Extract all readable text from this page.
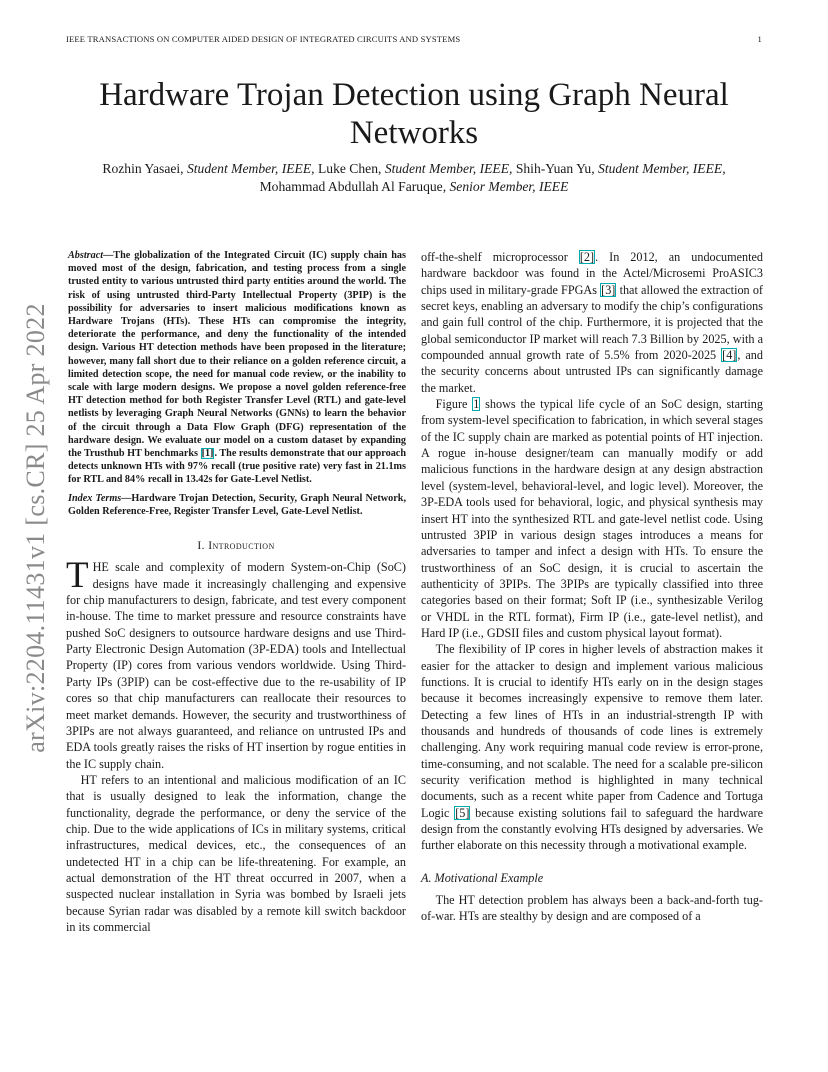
IEEE TRANSACTIONS ON COMPUTER AIDED DESIGN OF INTEGRATED CIRCUITS AND SYSTEMS	1
arXiv:2204.11431v1 [cs.CR] 25 Apr 2022
Hardware Trojan Detection using Graph Neural Networks
Rozhin Yasaei, Student Member, IEEE, Luke Chen, Student Member, IEEE, Shih-Yuan Yu, Student Member, IEEE, Mohammad Abdullah Al Faruque, Senior Member, IEEE
Abstract—The globalization of the Integrated Circuit (IC) supply chain has moved most of the design, fabrication, and testing process from a single trusted entity to various untrusted third party entities around the world. The risk of using untrusted third-Party Intellectual Property (3PIP) is the possibility for adversaries to insert malicious modifications known as Hardware Trojans (HTs). These HTs can compromise the integrity, deteriorate the performance, and deny the functionality of the intended design. Various HT detection methods have been proposed in the literature; however, many fall short due to their reliance on a golden reference circuit, a limited detection scope, the need for manual code review, or the inability to scale with large modern designs. We propose a novel golden reference-free HT detection method for both Register Transfer Level (RTL) and gate-level netlists by leveraging Graph Neural Networks (GNNs) to learn the behavior of the circuit through a Data Flow Graph (DFG) representation of the hardware design. We evaluate our model on a custom dataset by expanding the Trusthub HT benchmarks [1]. The results demonstrate that our approach detects unknown HTs with 97% recall (true positive rate) very fast in 21.1ms for RTL and 84% recall in 13.42s for Gate-Level Netlist.
Index Terms—Hardware Trojan Detection, Security, Graph Neural Network, Golden Reference-Free, Register Transfer Level, Gate-Level Netlist.
I. Introduction

THE scale and complexity of modern System-on-Chip (SoC) designs have made it increasingly challenging and expensive for chip manufacturers to design, fabricate, and test every component in-house. The time to market pressure and resource constraints have pushed SoC designers to outsource hardware designs and use Third-Party Electronic Design Automation (3P-EDA) tools and Intellectual Property (IP) cores from various vendors worldwide. Using Third-Party IPs (3PIP) can be cost-effective due to the re-usability of IP cores so that chip manufacturers can reallocate their resources to meet market demands. However, the security and trustworthiness of 3PIPs are not always guaranteed, and reliance on untrusted IPs and EDA tools greatly raises the risks of HT insertion by rogue entities in the IC supply chain.

HT refers to an intentional and malicious modification of an IC that is usually designed to leak the information, change the functionality, degrade the performance, or deny the service of the chip. Due to the wide applications of ICs in military systems, critical infrastructures, medical devices, etc., the consequences of an undetected HT in a chip can be life-threatening. For example, an actual demonstration of the HT threat occurred in 2007, when a suspected nuclear installation in Syria was bombed by Israeli jets because Syrian radar was disabled by a remote kill switch backdoor in its commercial

off-the-shelf microprocessor [2]. In 2012, an undocumented hardware backdoor was found in the Actel/Microsemi ProASIC3 chips used in military-grade FPGAs [3] that allowed the extraction of secret keys, enabling an adversary to modify the chip’s configurations and gain full control of the chip. Furthermore, it is projected that the global semiconductor IP market will reach 7.3 Billion by 2025, with a compounded annual growth rate of 5.5% from 2020-2025 [4], and the security concerns about untrusted IPs can significantly damage the market.

Figure 1 shows the typical life cycle of an SoC design, starting from system-level specification to fabrication, in which several stages of the IC supply chain are marked as potential points of HT injection. A rogue in-house designer/team can manually modify or add malicious functions in the hardware design at any design abstraction level (system-level, behavioral-level, and logic level). Moreover, the 3P-EDA tools used for behavioral, logic, and physical synthesis may insert HT into the synthesized RTL and gate-level netlist code. Using untrusted 3PIP in various design stages introduces a means for adversaries to tamper and infect a design with HTs. To ensure the trustworthiness of an SoC design, it is crucial to ascertain the authenticity of 3PIPs. The 3PIPs are typically classified into three categories based on their format; Soft IP (i.e., synthesizable Verilog or VHDL in the RTL format), Firm IP (i.e., gate-level netlist), and Hard IP (i.e., GDSII files and custom physical layout format).

The flexibility of IP cores in higher levels of abstraction makes it easier for the attacker to design and implement various malicious functions. It is crucial to identify HTs early on in the design stages because it becomes increasingly expensive to remove them later. Detecting a few lines of HTs in an industrial-strength IP with thousands and hundreds of thousands of code lines is extremely challenging. Any work requiring manual code review is error-prone, time-consuming, and not scalable. The need for a scalable pre-silicon security verification method is highlighted in many technical documents, such as a recent white paper from Cadence and Tortuga Logic [5] because existing solutions fail to safeguard the hardware design from the constantly evolving HTs designed by adversaries. We further elaborate on this necessity through a motivational example.

A. Motivational Example

The HT detection problem has always been a back-and-forth tug-of-war. HTs are stealthy by design and are composed of a
